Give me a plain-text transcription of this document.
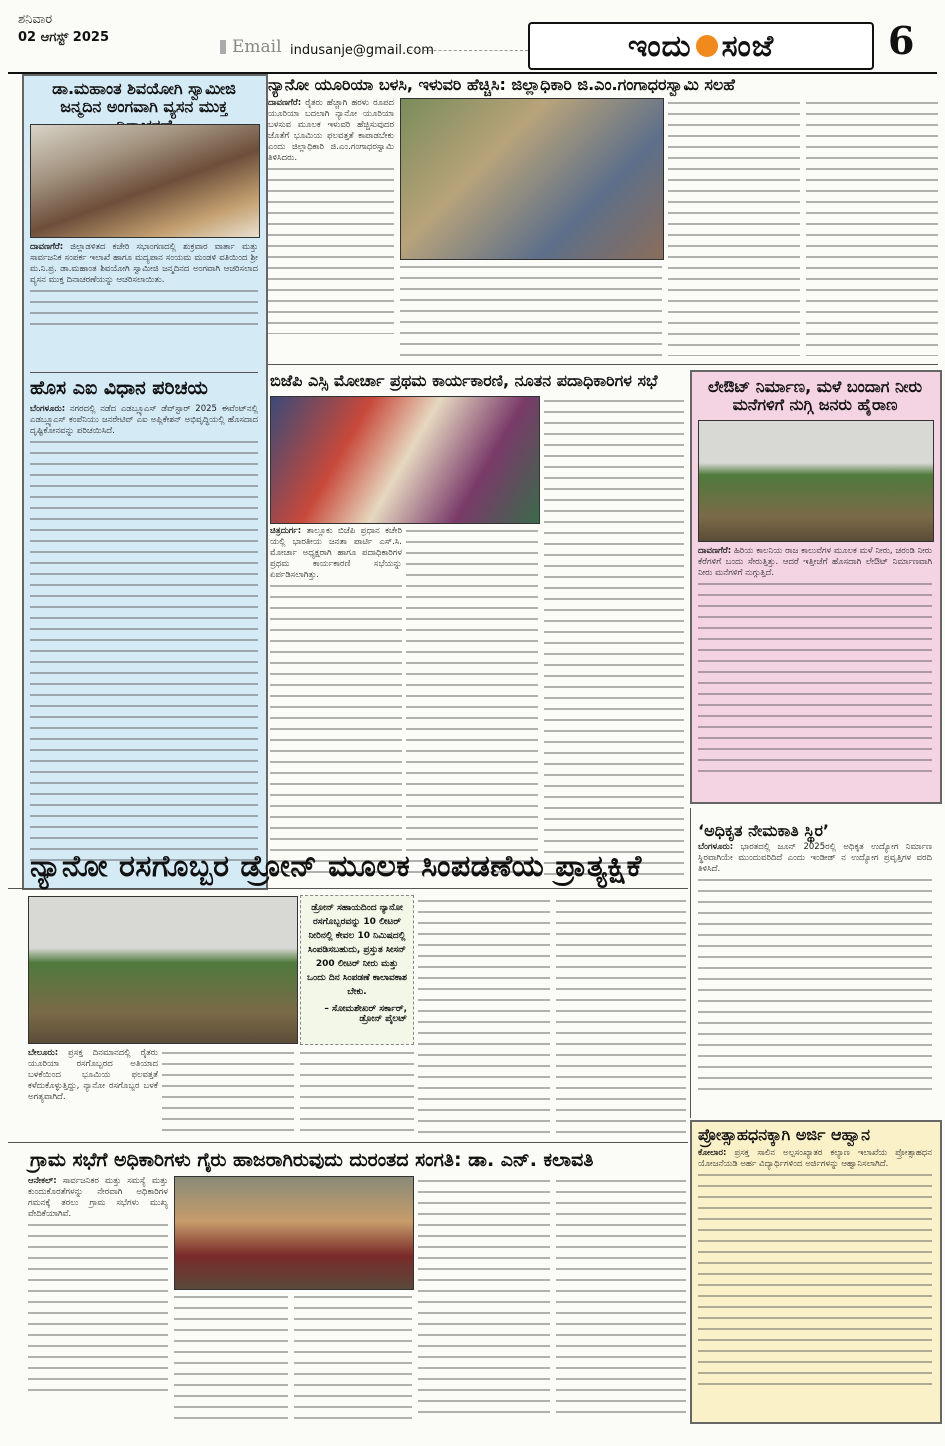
ಶನಿವಾರ
02 ಆಗಸ್ಟ್ 2025	Email indusanje@gmail.com	ಇಂದು ಸಂಜೆ	6
ಡಾ.ಮಹಾಂತ ಶಿವಯೋಗಿ ಸ್ವಾಮೀಜಿ ಜನ್ಮದಿನ ಅಂಗವಾಗಿ ವ್ಯಸನ ಮುಕ್ತ
ದಾವಣಗೆರೆ: ಜಿಲ್ಲಾಡಳಿತದ ಕಚೇರಿ ಸಭಾಂಗಣದಲ್ಲಿ ಶುಕ್ರವಾರ ವಾರ್ತಾ ಮತ್ತು ಸಾರ್ವಜನಿಕ ಸಂಪರ್ಕ ಇಲಾಖೆ ಹಾಗೂ ಮದ್ಯಪಾನ ಸಂಯಮ ಮಂಡಳಿ ವತಿಯಿಂದ ಶ್ರೀ ಮ.ನಿ.ಪ್ರ. ಡಾ.ಮಹಾಂತ ಶಿವಯೋಗಿ ಸ್ವಾಮೀಜಿ ಜನ್ಮದಿನದ ಅಂಗವಾಗಿ ಆಚರಿಸಲಾದ ವ್ಯಸನ ಮುಕ್ತ ದಿನಾಚರಣೆಯನ್ನು ಆಚರಿಸಲಾಯಿತು.
ಹೊಸ ಎಐ ವಿಧಾನ ಪರಿಚಯ
ಬೆಂಗಳೂರು: ನಗರದಲ್ಲಿ ನಡೆದ ಎಡಬ್ಲ್ಯೂಎಸ್ ಡೆವ್‌ಸ್ಟಾರ್ 2025 ಈವೆಂಟ್‌ನಲ್ಲಿ ಎಡಬ್ಲ್ಯೂಎಸ್ ಕಂಪೆನಿಯು ಜನರೇಟಿವ್ ಎಐ ಅಪ್ಲಿಕೇಶನ್ ಅಭಿವೃದ್ಧಿಯಲ್ಲಿ ಹೊಸದಾದ ದೃಷ್ಟಿಕೋನವನ್ನು ಪರಿಚಯಿಸಿದೆ.
ನ್ಯಾನೋ ಯೂರಿಯಾ ಬಳಸಿ, ಇಳುವರಿ ಹೆಚ್ಚಿಸಿ: ಜಿಲ್ಲಾಧಿಕಾರಿ ಜಿ.ಎಂ.ಗಂಗಾಧರಸ್ವಾಮಿ ಸಲಹೆ
ದಾವಣಗೆರೆ: ರೈತರು ಹೆಚ್ಚಾಗಿ ಹರಳು ರೂಪದ ಯೂರಿಯಾ ಬದಲಾಗಿ ನ್ಯಾನೋ ಯೂರಿಯಾ ಬಳಸುವ ಮೂಲಕ ಇಳುವರಿ ಹೆಚ್ಚಿಸುವುದರ ಜೊತೆಗೆ ಭೂಮಿಯ ಫಲವತ್ತತೆ ಕಾಪಾಡಬೇಕು ಎಂದು ಜಿಲ್ಲಾಧಿಕಾರಿ ಜಿ.ಎಂ.ಗಂಗಾಧರಸ್ವಾಮಿ ತಿಳಿಸಿದರು.
ಬಿಜೆಪಿ ಎಸ್ಸಿ ಮೋರ್ಚಾ ಪ್ರಥಮ ಕಾರ್ಯಕಾರಣಿ, ನೂತನ ಪದಾಧಿಕಾರಿಗಳ ಸಭೆ
ಚಿತ್ರದುರ್ಗ: ತಾಲ್ಲೂಕು ಬಿಜೆಪಿ ಪ್ರಧಾನ ಕಚೇರಿ ಯಲ್ಲಿ ಭಾರತೀಯ ಜನತಾ ಪಾರ್ಟಿ ಎಸ್.ಸಿ. ಮೋರ್ಚಾ ಅಧ್ಯಕ್ಷರಾಗಿ ಹಾಗೂ ಪದಾಧಿಕಾರಿಗಳ ಪ್ರಥಮ ಕಾರ್ಯಕಾರಣಿ ಸಭೆಯನ್ನು ಏರ್ಪಡಿಸಲಾಗಿತ್ತು.
ಲೇಔಟ್ ನಿರ್ಮಾಣ, ಮಳೆ ಬಂದಾಗ ನೀರು ಮನೆಗಳಿಗೆ ನುಗ್ಗಿ ಜನರು ಹೈರಾಣ
ದಾವಣಗೆರೆ: ಹಿರಿಯ ಕಾಲನಿಯ ರಾಜ ಕಾಲುವೆಗಳ ಮೂಲಕ ಮಳೆ ನೀರು, ಚರಂಡಿ ನೀರು ಕೆರೆಗಳಿಗೆ ಬಂದು ಸೇರುತ್ತಿತ್ತು. ಆದರೆ ಇತ್ತೀಚೆಗೆ ಹೊಸದಾಗಿ ಲೇಔಟ್ ನಿರ್ಮಾಣವಾಗಿ ನೀರು ಮನೆಗಳಿಗೆ ನುಗ್ಗುತ್ತಿದೆ.
‘ಅಧಿಕೃತ ನೇಮಕಾತಿ ಸ್ಥಿರ’
ಬೆಂಗಳೂರು: ಭಾರತದಲ್ಲಿ ಜೂನ್ 2025ರಲ್ಲಿ ಅಧಿಕೃತ ಉದ್ಯೋಗ ನಿರ್ಮಾಣ ಸ್ಥಿರವಾಗಿಯೇ ಮುಂದುವರಿದಿದೆ ಎಂದು ಇಂಡೀಡ್ ನ ಉದ್ಯೋಗ ಪ್ರವೃತ್ತಿಗಳ ವರದಿ ತಿಳಿಸಿದೆ.
ನ್ಯಾನೋ ರಸಗೊಬ್ಬರ ಡ್ರೋನ್ ಮೂಲಕ ಸಿಂಪಡಣೆಯ ಪ್ರಾತ್ಯಕ್ಷಿಕೆ
ಡ್ರೋನ್ ಸಹಾಯದಿಂದ ನ್ಯಾನೋ ರಸಗೊಬ್ಬರವನ್ನು 10 ಲೀಟರ್ ನೀರಿನಲ್ಲಿ ಕೇವಲ 10 ನಿಮಿಷದಲ್ಲಿ ಸಿಂಪಡಿಸಬಹುದು, ಪ್ರಸ್ತುತ ಸೀಸನ್ 200 ಲೀಟರ್ ನೀರು ಮತ್ತು ಒಂದು ದಿನ ಸಿಂಪಡಣೆ ಕಾಲಾವಕಾಶ ಬೇಕು.
– ಸೋಮಶೇಖರ್ ಸರ್ಕಾರ್, ಡ್ರೋನ್ ಪೈಲಟ್
ಬೇಲೂರು: ಪ್ರಸಕ್ತ ದಿನಮಾನದಲ್ಲಿ ರೈತರು ಯೂರಿಯಾ ರಸಗೊಬ್ಬರದ ಅತಿಯಾದ ಬಳಕೆಯಿಂದ ಭೂಮಿಯ ಫಲವತ್ತತೆ ಕಳೆದುಕೊಳ್ಳುತ್ತಿದ್ದು, ನ್ಯಾನೋ ರಸಗೊಬ್ಬರ ಬಳಕೆ ಅಗತ್ಯವಾಗಿದೆ.
ಗ್ರಾಮ ಸಭೆಗೆ ಅಧಿಕಾರಿಗಳು ಗೈರು ಹಾಜರಾಗಿರುವುದು ದುರಂತದ ಸಂಗತಿ: ಡಾ. ಎನ್. ಕಲಾವತಿ
ಆನೇಕಲ್: ಸಾರ್ವಜನಿಕರ ಮತ್ತು ಸಮಸ್ಯೆ ಮತ್ತು ಕುಂದುಕೊರತೆಗಳನ್ನು ನೇರವಾಗಿ ಅಧಿಕಾರಿಗಳ ಗಮನಕ್ಕೆ ತರಲು ಗ್ರಾಮ ಸಭೆಗಳು ಮುಖ್ಯ ವೇದಿಕೆಯಾಗಿವೆ.
ಪ್ರೋತ್ಸಾಹಧನಕ್ಕಾಗಿ ಅರ್ಜಿ ಆಹ್ವಾನ
ಕೋಲಾರ: ಪ್ರಸಕ್ತ ಸಾಲಿನ ಅಲ್ಪಸಂಖ್ಯಾತರ ಕಲ್ಯಾಣ ಇಲಾಖೆಯ ಪ್ರೋತ್ಸಾಹಧನ ಯೋಜನೆಯಡಿ ಅರ್ಹ ವಿದ್ಯಾರ್ಥಿಗಳಿಂದ ಅರ್ಜಿಗಳನ್ನು ಆಹ್ವಾನಿಸಲಾಗಿದೆ.
